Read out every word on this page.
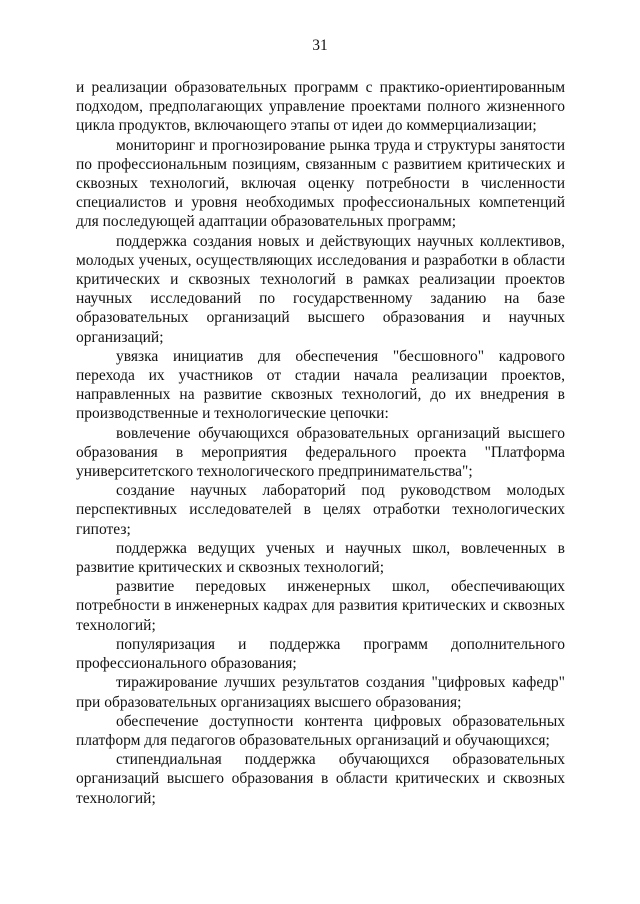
31

и реализации образовательных программ с практико-ориентированным подходом, предполагающих управление проектами полного жизненного цикла продуктов, включающего этапы от идеи до коммерциализации;

мониторинг и прогнозирование рынка труда и структуры занятости по профессиональным позициям, связанным с развитием критических и сквозных технологий, включая оценку потребности в численности специалистов и уровня необходимых профессиональных компетенций для последующей адаптации образовательных программ;

поддержка создания новых и действующих научных коллективов, молодых ученых, осуществляющих исследования и разработки в области критических и сквозных технологий в рамках реализации проектов научных исследований по государственному заданию на базе образовательных организаций высшего образования и научных организаций;

увязка инициатив для обеспечения "бесшовного" кадрового перехода их участников от стадии начала реализации проектов, направленных на развитие сквозных технологий, до их внедрения в производственные и технологические цепочки:

вовлечение обучающихся образовательных организаций высшего образования в мероприятия федерального проекта "Платформа университетского технологического предпринимательства";

создание научных лабораторий под руководством молодых перспективных исследователей в целях отработки технологических гипотез;

поддержка ведущих ученых и научных школ, вовлеченных в развитие критических и сквозных технологий;

развитие передовых инженерных школ, обеспечивающих потребности в инженерных кадрах для развития критических и сквозных технологий;

популяризация и поддержка программ дополнительного профессионального образования;

тиражирование лучших результатов создания "цифровых кафедр" при образовательных организациях высшего образования;

обеспечение доступности контента цифровых образовательных платформ для педагогов образовательных организаций и обучающихся;

стипендиальная поддержка обучающихся образовательных организаций высшего образования в области критических и сквозных технологий;
